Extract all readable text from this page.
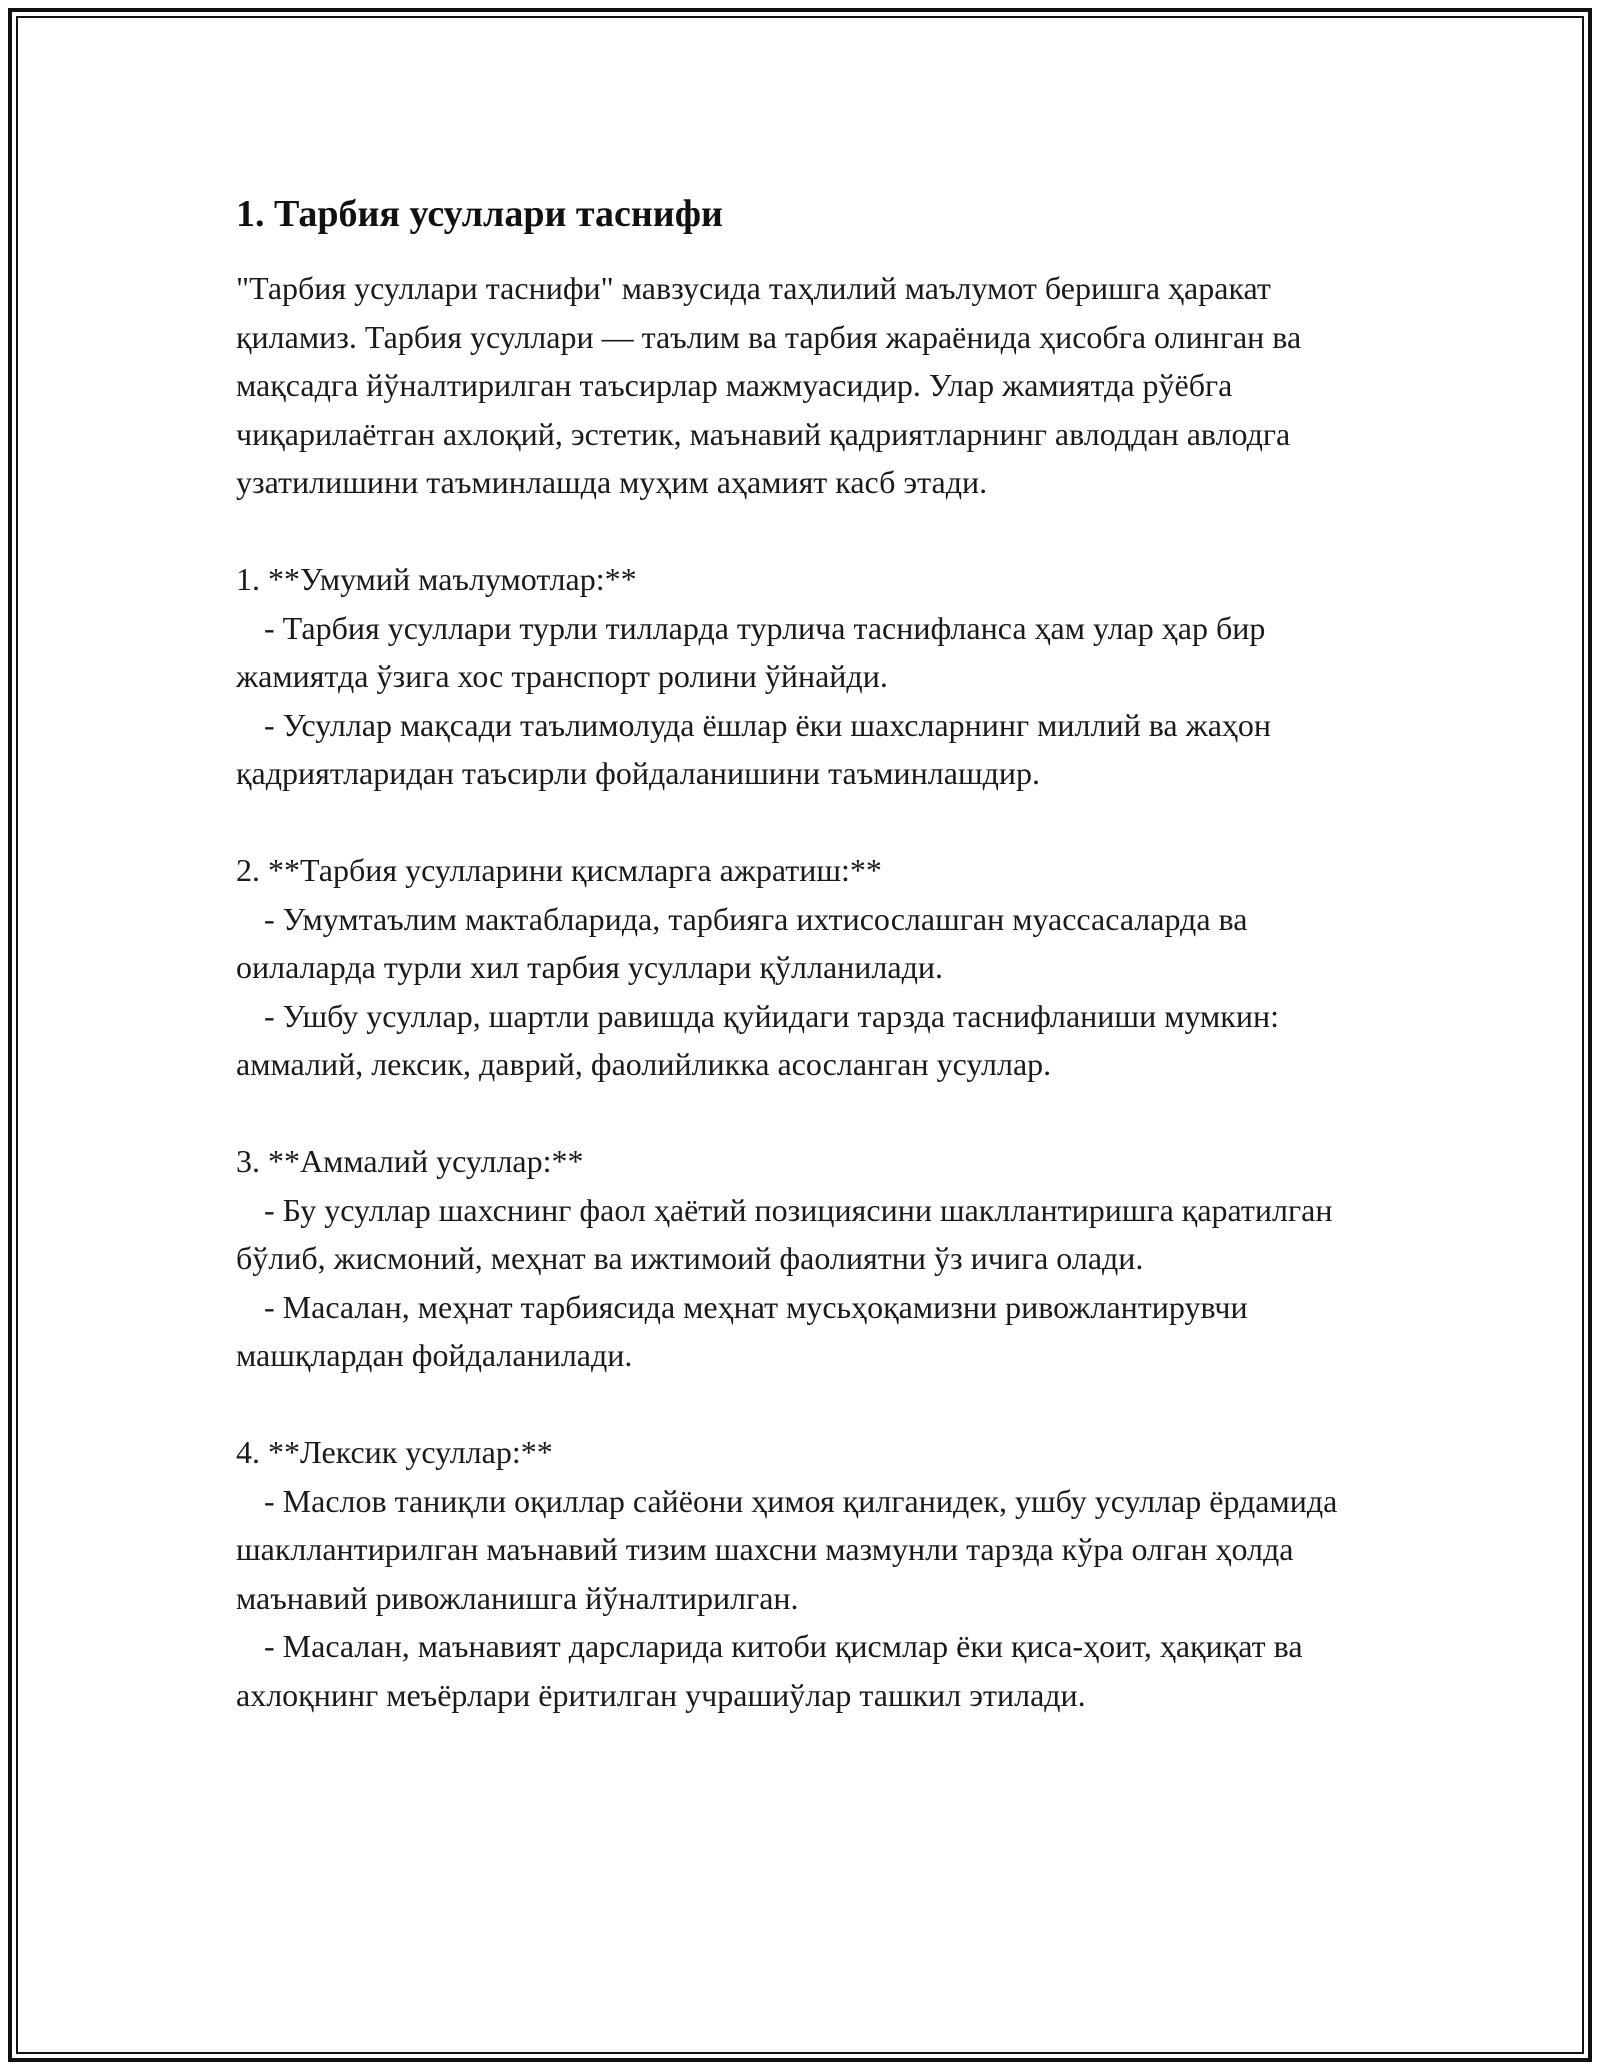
1. Тарбия усуллари таснифи

"Тарбия усуллари таснифи" мавзусида таҳлилий маълумот беришга ҳаракат қиламиз. Тарбия усуллари — таълим ва тарбия жараёнида ҳисобга олинган ва мақсадга йўналтирилган таъсирлар мажмуасидир. Улар жамиятда рўёбга чиқарилаётган ахлоқий, эстетик, маънавий қадриятларнинг авлоддан авлодга узатилишини таъминлашда муҳим аҳамият касб этади.

1. **Умумий маълумотлар:**

- Тарбия усуллари турли тилларда турлича таснифланса ҳам улар ҳар бир жамиятда ўзига хос транспорт ролини ўйнайди.

- Усуллар мақсади таълимолуда ёшлар ёки шахсларнинг миллий ва жаҳон қадриятларидан таъсирли фойдаланишини таъминлашдир.

2. **Тарбия усулларини қисмларга ажратиш:**

- Умумтаълим мактабларида, тарбияга ихтисослашган муассасаларда ва оилаларда турли хил тарбия усуллари қўлланилади.

- Ушбу усуллар, шартли равишда қуйидаги тарзда таснифланиши мумкин: аммалий, лексик, даврий, фаолийликка асосланган усуллар.

3. **Аммалий усуллар:**

- Бу усуллар шахснинг фаол ҳаётий позициясини шакллантиришга қаратилган бўлиб, жисмоний, меҳнат ва ижтимоий фаолиятни ўз ичига олади.

- Масалан, меҳнат тарбиясида меҳнат мусьҳоқамизни ривожлантирувчи машқлардан фойдаланилади.

4. **Лексик усуллар:**

- Маслов таниқли оқиллар сайёони ҳимоя қилганидек, ушбу усуллар ёрдамида шакллантирилган маънавий тизим шахсни мазмунли тарзда кўра олган ҳолда маънавий ривожланишга йўналтирилган.

- Масалан, маънавият дарсларида китоби қисмлар ёки қиса-ҳоит, ҳақиқат ва ахлоқнинг меъёрлари ёритилган учрашиўлар ташкил этилади.
